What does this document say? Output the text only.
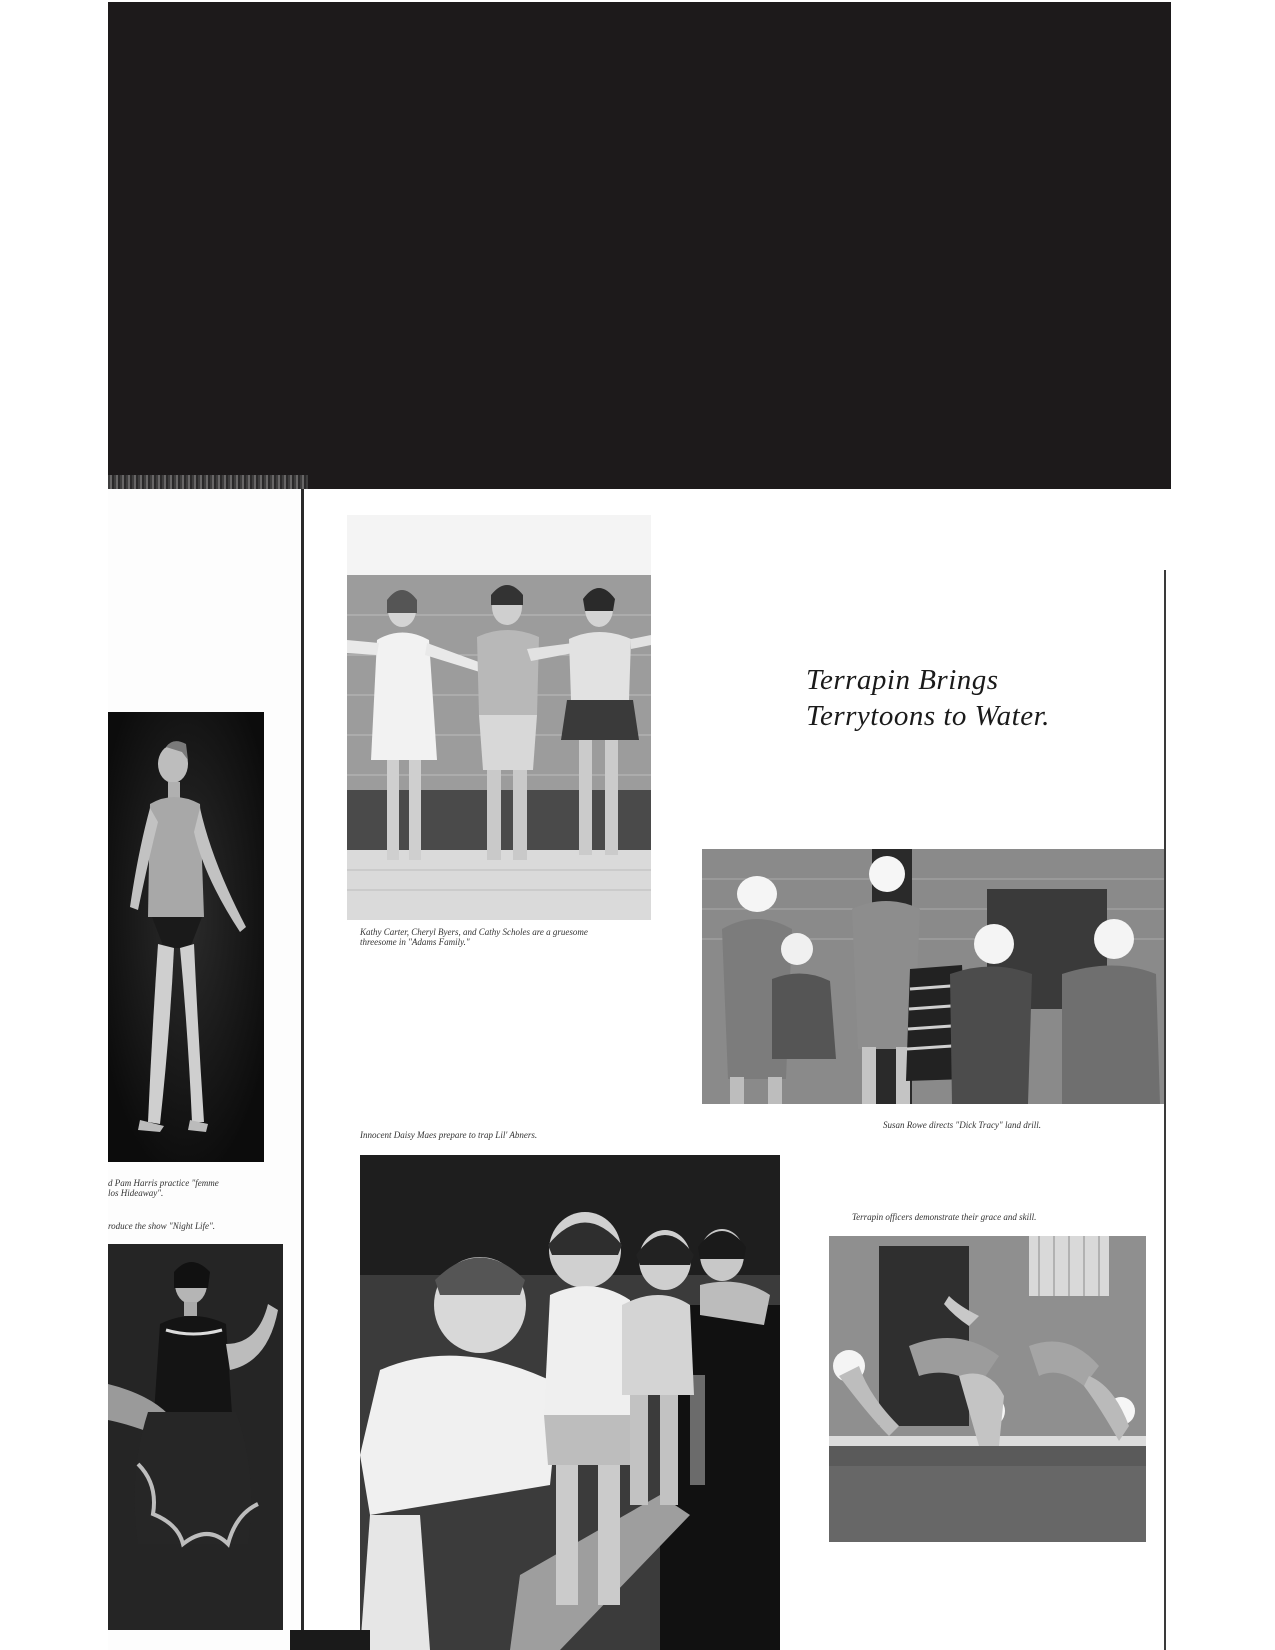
d Pam Harris practice "femme

los Hideaway".

roduce the show "Night Life".

Kathy Carter, Cheryl Byers, and Cathy Scholes are a gruesome threesome in "Adams Family."

Terrapin Brings
Terrytoons to Water.

Susan Rowe directs "Dick Tracy" land drill.

Innocent Daisy Maes prepare to trap Lil' Abners.

Terrapin officers demonstrate their grace and skill.
